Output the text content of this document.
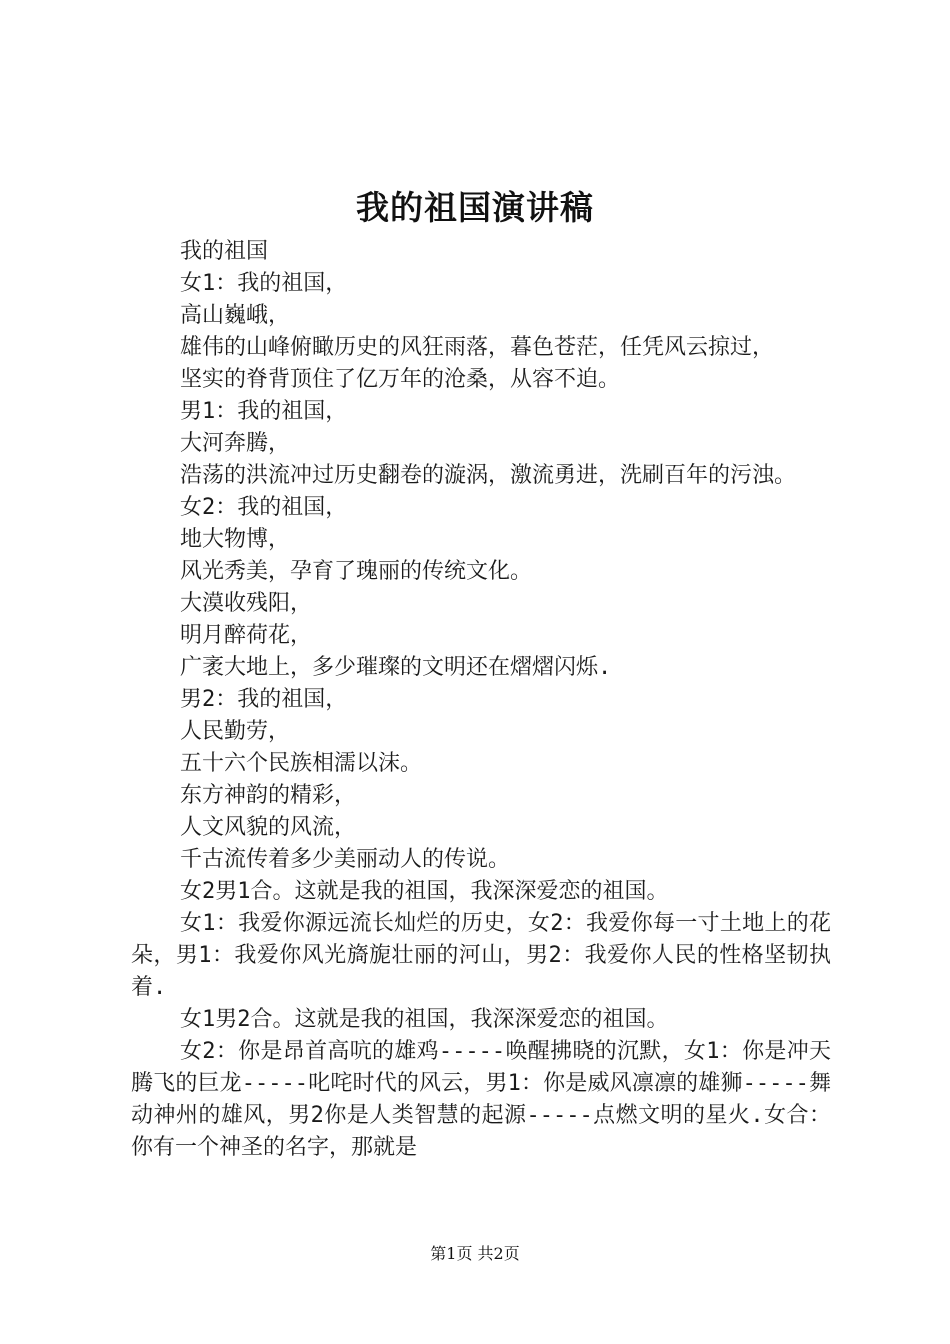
我的祖国演讲稿

我的祖国

女1：我的祖国，

高山巍峨，

雄伟的山峰俯瞰历史的风狂雨落，暮色苍茫，任凭风云掠过，

坚实的脊背顶住了亿万年的沧桑，从容不迫。

男1：我的祖国，

大河奔腾，

浩荡的洪流冲过历史翻卷的漩涡，激流勇进，洗刷百年的污浊。

女2：我的祖国，

地大物博，

风光秀美，孕育了瑰丽的传统文化。

大漠收残阳，

明月醉荷花，

广袤大地上，多少璀璨的文明还在熠熠闪烁.

男2：我的祖国，

人民勤劳，

五十六个民族相濡以沫。

东方神韵的精彩，

人文风貌的风流，

千古流传着多少美丽动人的传说。

女2男1合。这就是我的祖国，我深深爱恋的祖国。

女1：我爱你源远流长灿烂的历史，女2：我爱你每一寸土地上的花朵，男1：我爱你风光旖旎壮丽的河山，男2：我爱你人民的性格坚韧执着.

女1男2合。这就是我的祖国，我深深爱恋的祖国。

女2：你是昂首高吭的雄鸡-----唤醒拂晓的沉默，女1：你是冲天腾飞的巨龙-----叱咤时代的风云，男1：你是威风凛凛的雄狮-----舞动神州的雄风，男2你是人类智慧的起源-----点燃文明的星火.女合：你有一个神圣的名字，那就是

第1页 共2页
